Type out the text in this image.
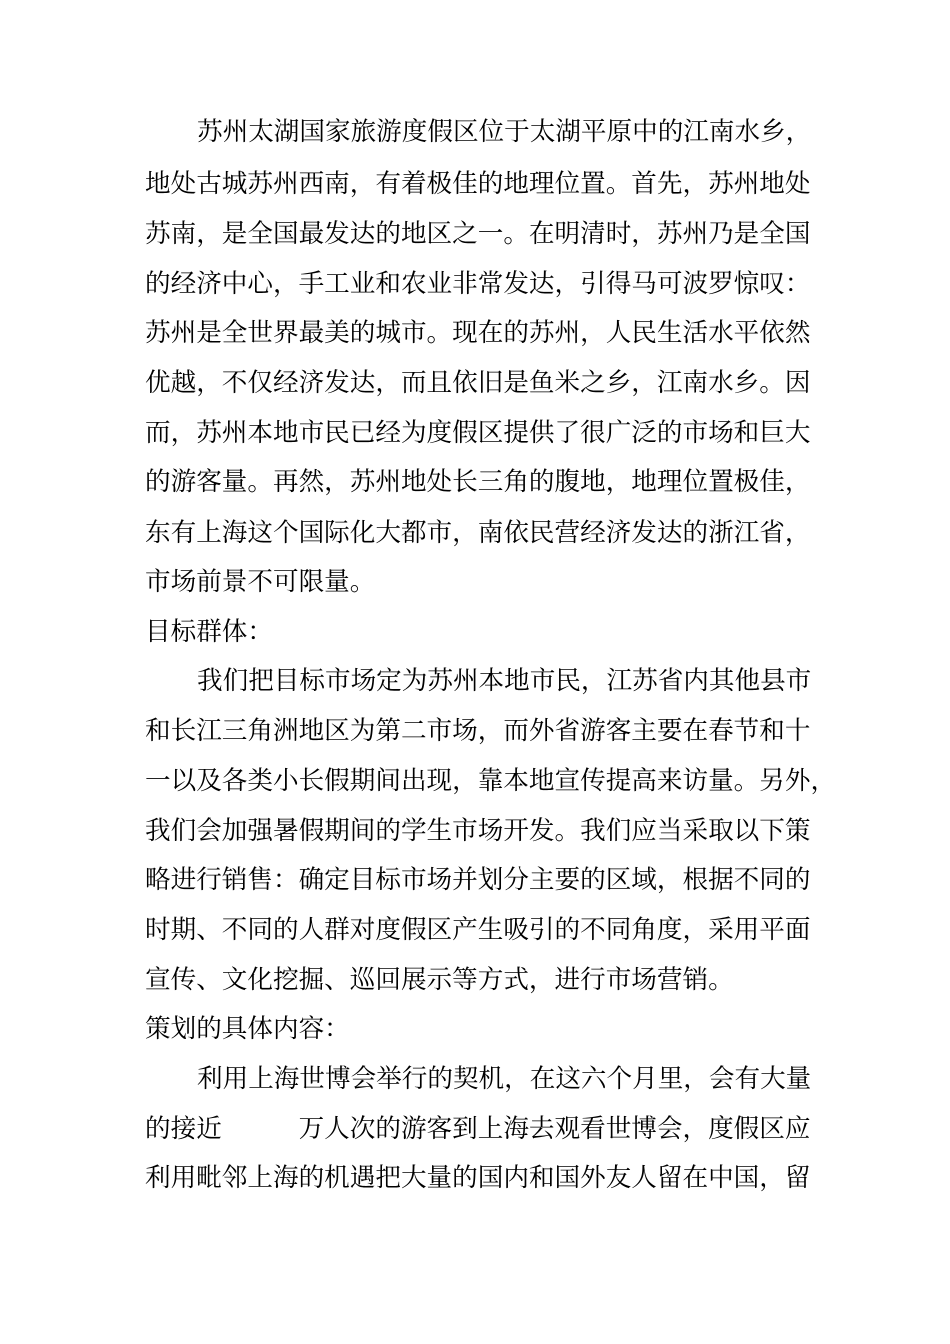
苏州太湖国家旅游度假区位于太湖平原中的江南水乡，
地处古城苏州西南，有着极佳的地理位置。首先，苏州地处
苏南，是全国最发达的地区之一。在明清时，苏州乃是全国
的经济中心，手工业和农业非常发达，引得马可波罗惊叹：
苏州是全世界最美的城市。现在的苏州，人民生活水平依然
优越，不仅经济发达，而且依旧是鱼米之乡，江南水乡。因
而，苏州本地市民已经为度假区提供了很广泛的市场和巨大
的游客量。再然，苏州地处长三角的腹地，地理位置极佳，
东有上海这个国际化大都市，南依民营经济发达的浙江省，
市场前景不可限量。
目标群体：
我们把目标市场定为苏州本地市民，江苏省内其他县市
和长江三角洲地区为第二市场，而外省游客主要在春节和十
一以及各类小长假期间出现，靠本地宣传提高来访量。另外，
我们会加强暑假期间的学生市场开发。我们应当采取以下策
略进行销售：确定目标市场并划分主要的区域，根据不同的
时期、不同的人群对度假区产生吸引的不同角度，采用平面
宣传、文化挖掘、巡回展示等方式，进行市场营销。
策划的具体内容：
利用上海世博会举行的契机，在这六个月里，会有大量
的接近　　　万人次的游客到上海去观看世博会，度假区应
利用毗邻上海的机遇把大量的国内和国外友人留在中国，留
